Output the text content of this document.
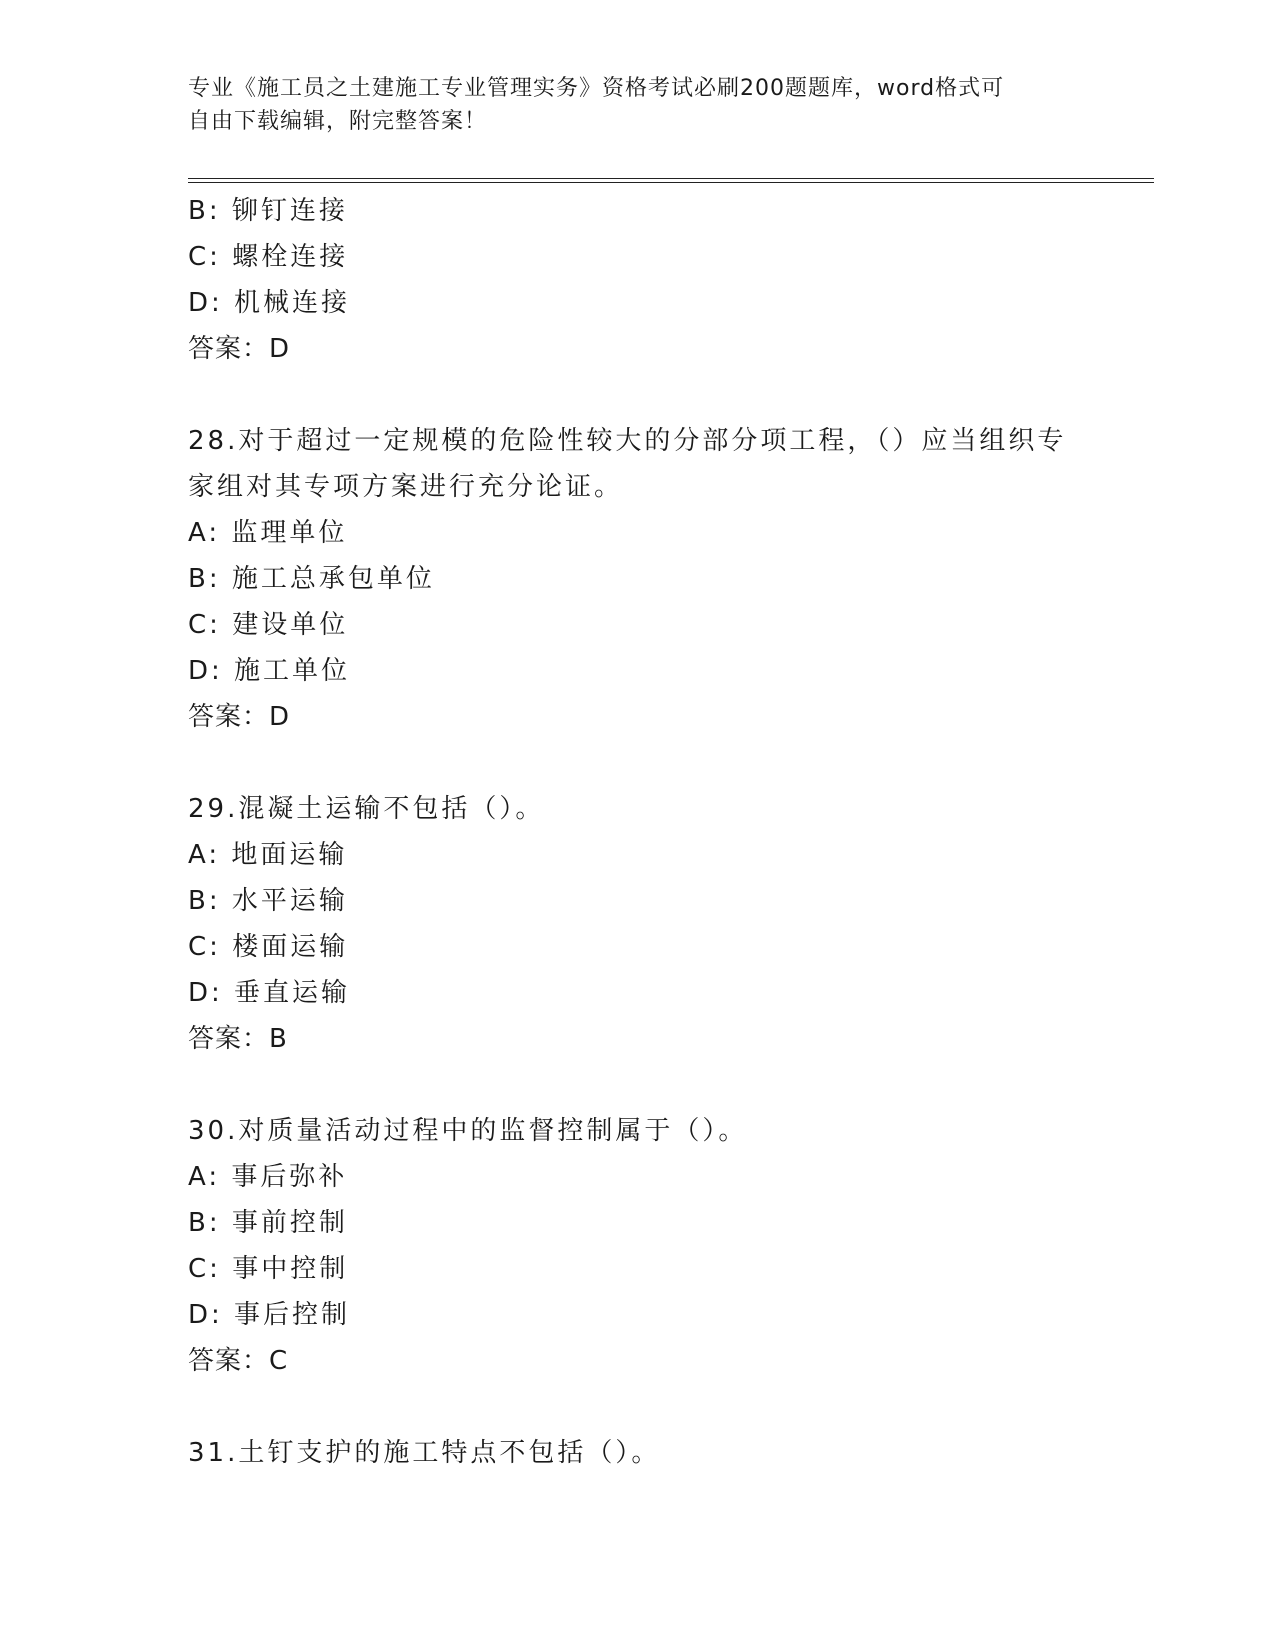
专业《施工员之土建施工专业管理实务》资格考试必刷200题题库，word格式可
自由下载编辑，附完整答案！
B: 铆钉连接
C: 螺栓连接
D: 机械连接
答案：D
28.对于超过一定规模的危险性较大的分部分项工程，（）应当组织专
家组对其专项方案进行充分论证。
A: 监理单位
B: 施工总承包单位
C: 建设单位
D: 施工单位
答案：D
29.混凝土运输不包括（）。
A: 地面运输
B: 水平运输
C: 楼面运输
D: 垂直运输
答案：B
30.对质量活动过程中的监督控制属于（）。
A: 事后弥补
B: 事前控制
C: 事中控制
D: 事后控制
答案：C
31.土钉支护的施工特点不包括（）。
